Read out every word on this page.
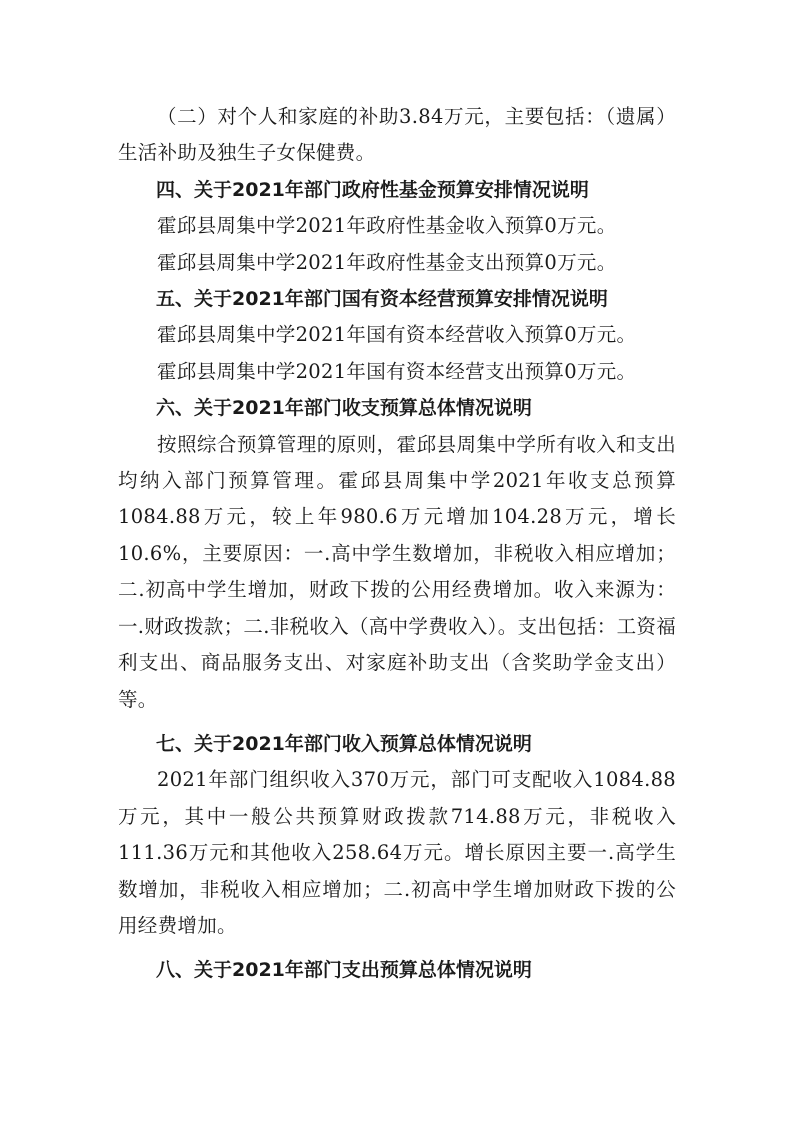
（二）对个人和家庭的补助3.84万元，主要包括：（遗属）生活补助及独生子女保健费。

四、关于2021年部门政府性基金预算安排情况说明

霍邱县周集中学2021年政府性基金收入预算0万元。

霍邱县周集中学2021年政府性基金支出预算0万元。

五、关于2021年部门国有资本经营预算安排情况说明

霍邱县周集中学2021年国有资本经营收入预算0万元。

霍邱县周集中学2021年国有资本经营支出预算0万元。

六、关于2021年部门收支预算总体情况说明

按照综合预算管理的原则，霍邱县周集中学所有收入和支出均纳入部门预算管理。霍邱县周集中学2021年收支总预算1084.88万元，较上年980.6万元增加104.28万元，增长10.6%，主要原因：一.高中学生数增加，非税收入相应增加；二.初高中学生增加，财政下拨的公用经费增加。收入来源为：一.财政拨款；二.非税收入（高中学费收入）。支出包括：工资福利支出、商品服务支出、对家庭补助支出（含奖助学金支出）等。

七、关于2021年部门收入预算总体情况说明

2021年部门组织收入370万元，部门可支配收入1084.88万元，其中一般公共预算财政拨款714.88万元，非税收入111.36万元和其他收入258.64万元。增长原因主要一.高学生数增加，非税收入相应增加；二.初高中学生增加财政下拨的公用经费增加。

八、关于2021年部门支出预算总体情况说明
